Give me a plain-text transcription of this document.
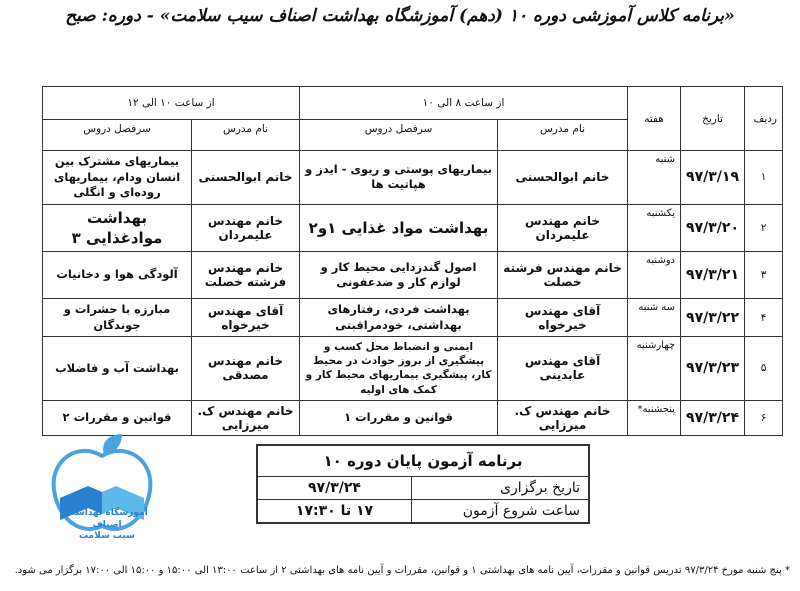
«برنامه کلاس آموزشی دوره ۱۰ (دهم) آموزشگاه بهداشت اصناف سیب سلامت» - دوره: صبح
ردیف	تاریخ	هفته	از ساعت ۸ الی ۱۰		از ساعت ۱۰ الی ۱۲	
			نام مدرس	سرفصل دروس	نام مدرس	سرفصل دروس
۱	۹۷/۳/۱۹	شنبه	خانم ابوالحسنی	بیماریهای پوستی و ریوی - ایدز و هپاتیت ها	خانم ابوالحسنی	بیماریهای مشترک بین انسان ودام، بیماریهای روده‌ای و انگلی
۲	۹۷/۳/۲۰	یکشنبه	خانم مهندس علیمردان	بهداشت مواد غذایی ۱و۲	خانم مهندس علیمردان	بهداشت موادغذایی ۳
۳	۹۷/۳/۲۱	دوشنبه	خانم مهندس فرشته خصلت	اصول گندزدایی محیط کار و لوازم کار و ضدعفونی	خانم مهندس فرشته خصلت	آلودگی هوا و دخانیات
۴	۹۷/۳/۲۲	سه شنبه	آقای مهندس خیرخواه	بهداشت فردی، رفتارهای بهداشتی، خودمراقبتی	آقای مهندس خیرخواه	مبارزه با حشرات و جوندگان
۵	۹۷/۳/۲۳	چهارشنبه	آقای مهندس عابدینی	ایمنی و انضباط محل کسب و پیشگیری از بروز حوادث در محیط کار، پیشگیری بیماریهای محیط کار و کمک های اولیه	خانم مهندس مصدقی	بهداشت آب و فاضلاب
۶	۹۷/۳/۲۴	پنجشنبه*	خانم مهندس ک. میرزایی	قوانین و مقررات ۱	خانم مهندس ک. میرزایی	قوانین و مقررات ۲
آموزشگاه بهداشت اصناف
سیب سلامت
برنامه آزمون پایان دوره ۱۰	
تاریخ برگزاری	۹۷/۳/۲۴
ساعت شروع آزمون	۱۷ تا ۱۷:۳۰
* پنج شنبه مورخ ۹۷/۳/۲۴ تدریس قوانین و مقررات، آیین نامه های بهداشتی ۱ و قوانین، مقررات و آیین نامه های بهداشتی ۲ از ساعت ۱۳:۰۰ الی ۱۵:۰۰ و ۱۵:۰۰ الی ۱۷:۰۰ برگزار می شود.
